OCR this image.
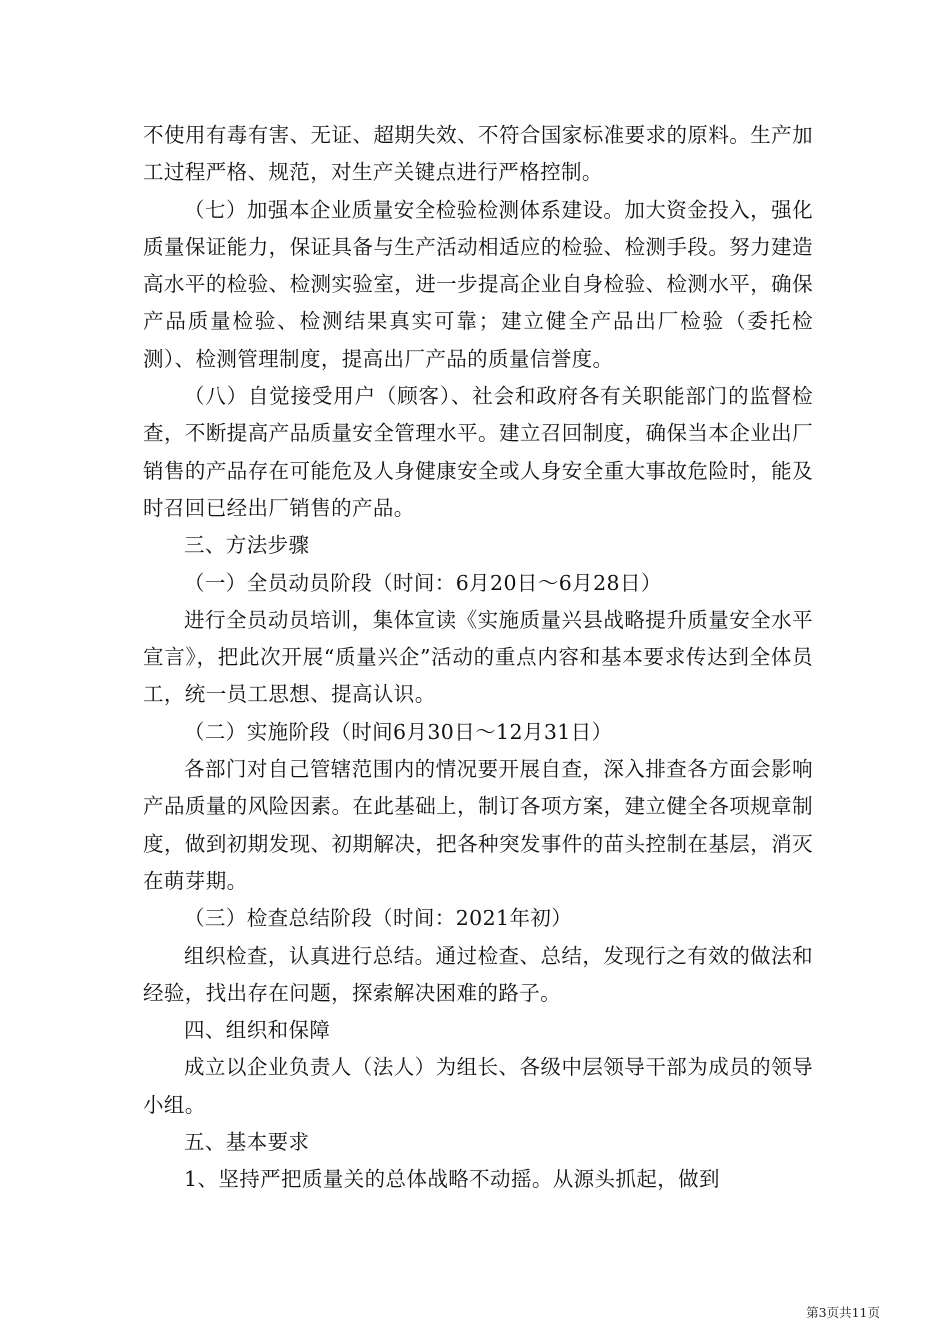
不使用有毒有害、无证、超期失效、不符合国家标准要求的原料。生产加工过程严格、规范，对生产关键点进行严格控制。

（七）加强本企业质量安全检验检测体系建设。加大资金投入，强化质量保证能力，保证具备与生产活动相适应的检验、检测手段。努力建造高水平的检验、检测实验室，进一步提高企业自身检验、检测水平，确保产品质量检验、检测结果真实可靠；建立健全产品出厂检验（委托检测）、检测管理制度，提高出厂产品的质量信誉度。

（八）自觉接受用户（顾客）、社会和政府各有关职能部门的监督检查，不断提高产品质量安全管理水平。建立召回制度，确保当本企业出厂销售的产品存在可能危及人身健康安全或人身安全重大事故危险时，能及时召回已经出厂销售的产品。

三、方法步骤

（一）全员动员阶段（时间：6月20日～6月28日）

进行全员动员培训，集体宣读《实施质量兴县战略提升质量安全水平宣言》，把此次开展“质量兴企”活动的重点内容和基本要求传达到全体员工，统一员工思想、提高认识。

（二）实施阶段（时间6月30日～12月31日）

各部门对自己管辖范围内的情况要开展自查，深入排查各方面会影响产品质量的风险因素。在此基础上，制订各项方案，建立健全各项规章制度，做到初期发现、初期解决，把各种突发事件的苗头控制在基层，消灭在萌芽期。

（三）检查总结阶段（时间：2021年初）

组织检查，认真进行总结。通过检查、总结，发现行之有效的做法和经验，找出存在问题，探索解决困难的路子。

四、组织和保障

成立以企业负责人（法人）为组长、各级中层领导干部为成员的领导小组。

五、基本要求

1、坚持严把质量关的总体战略不动摇。从源头抓起，做到

第3页共11页
